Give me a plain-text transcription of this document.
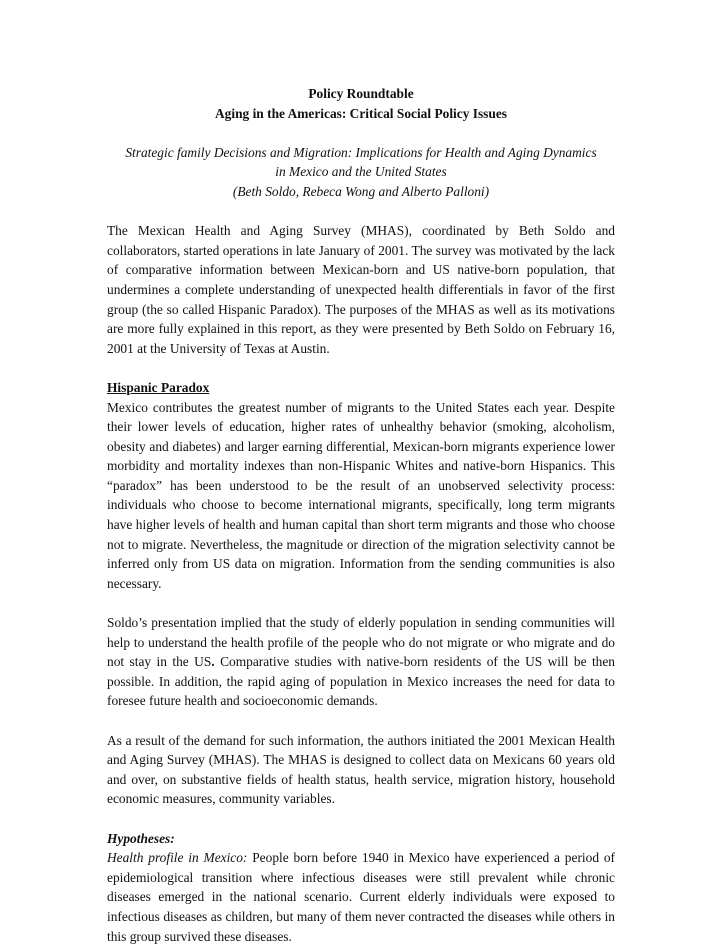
Policy Roundtable
Aging in the Americas: Critical Social Policy Issues
Strategic family Decisions and Migration: Implications for Health and Aging Dynamics
in Mexico and the United States
(Beth Soldo, Rebeca Wong and Alberto Palloni)

The Mexican Health and Aging Survey (MHAS), coordinated by Beth Soldo and collaborators, started operations in late January of 2001. The survey was motivated by the lack of comparative information between Mexican-born and US native-born population, that undermines a complete understanding of unexpected health differentials in favor of the first group (the so called Hispanic Paradox). The purposes of the MHAS as well as its motivations are more fully explained in this report, as they were presented by Beth Soldo on February 16, 2001 at the University of Texas at Austin.

Hispanic Paradox

Mexico contributes the greatest number of migrants to the United States each year. Despite their lower levels of education, higher rates of unhealthy behavior (smoking, alcoholism, obesity and diabetes) and larger earning differential, Mexican-born migrants experience lower morbidity and mortality indexes than non-Hispanic Whites and native-born Hispanics. This “paradox” has been understood to be the result of an unobserved selectivity process: individuals who choose to become international migrants, specifically, long term migrants have higher levels of health and human capital than short term migrants and those who choose not to migrate. Nevertheless, the magnitude or direction of the migration selectivity cannot be inferred only from US data on migration. Information from the sending communities is also necessary.

Soldo’s presentation implied that the study of elderly population in sending communities will help to understand the health profile of the people who do not migrate or who migrate and do not stay in the US. Comparative studies with native-born residents of the US will be then possible. In addition, the rapid aging of population in Mexico increases the need for data to foresee future health and socioeconomic demands.

As a result of the demand for such information, the authors initiated the 2001 Mexican Health and Aging Survey (MHAS). The MHAS is designed to collect data on Mexicans 60 years old and over, on substantive fields of health status, health service, migration history, household economic measures, community variables.

Hypotheses:

Health profile in Mexico: People born before 1940 in Mexico have experienced a period of epidemiological transition where infectious diseases were still prevalent while chronic diseases emerged in the national scenario. Current elderly individuals were exposed to infectious diseases as children, but many of them never contracted the diseases while others in this group survived these diseases.
